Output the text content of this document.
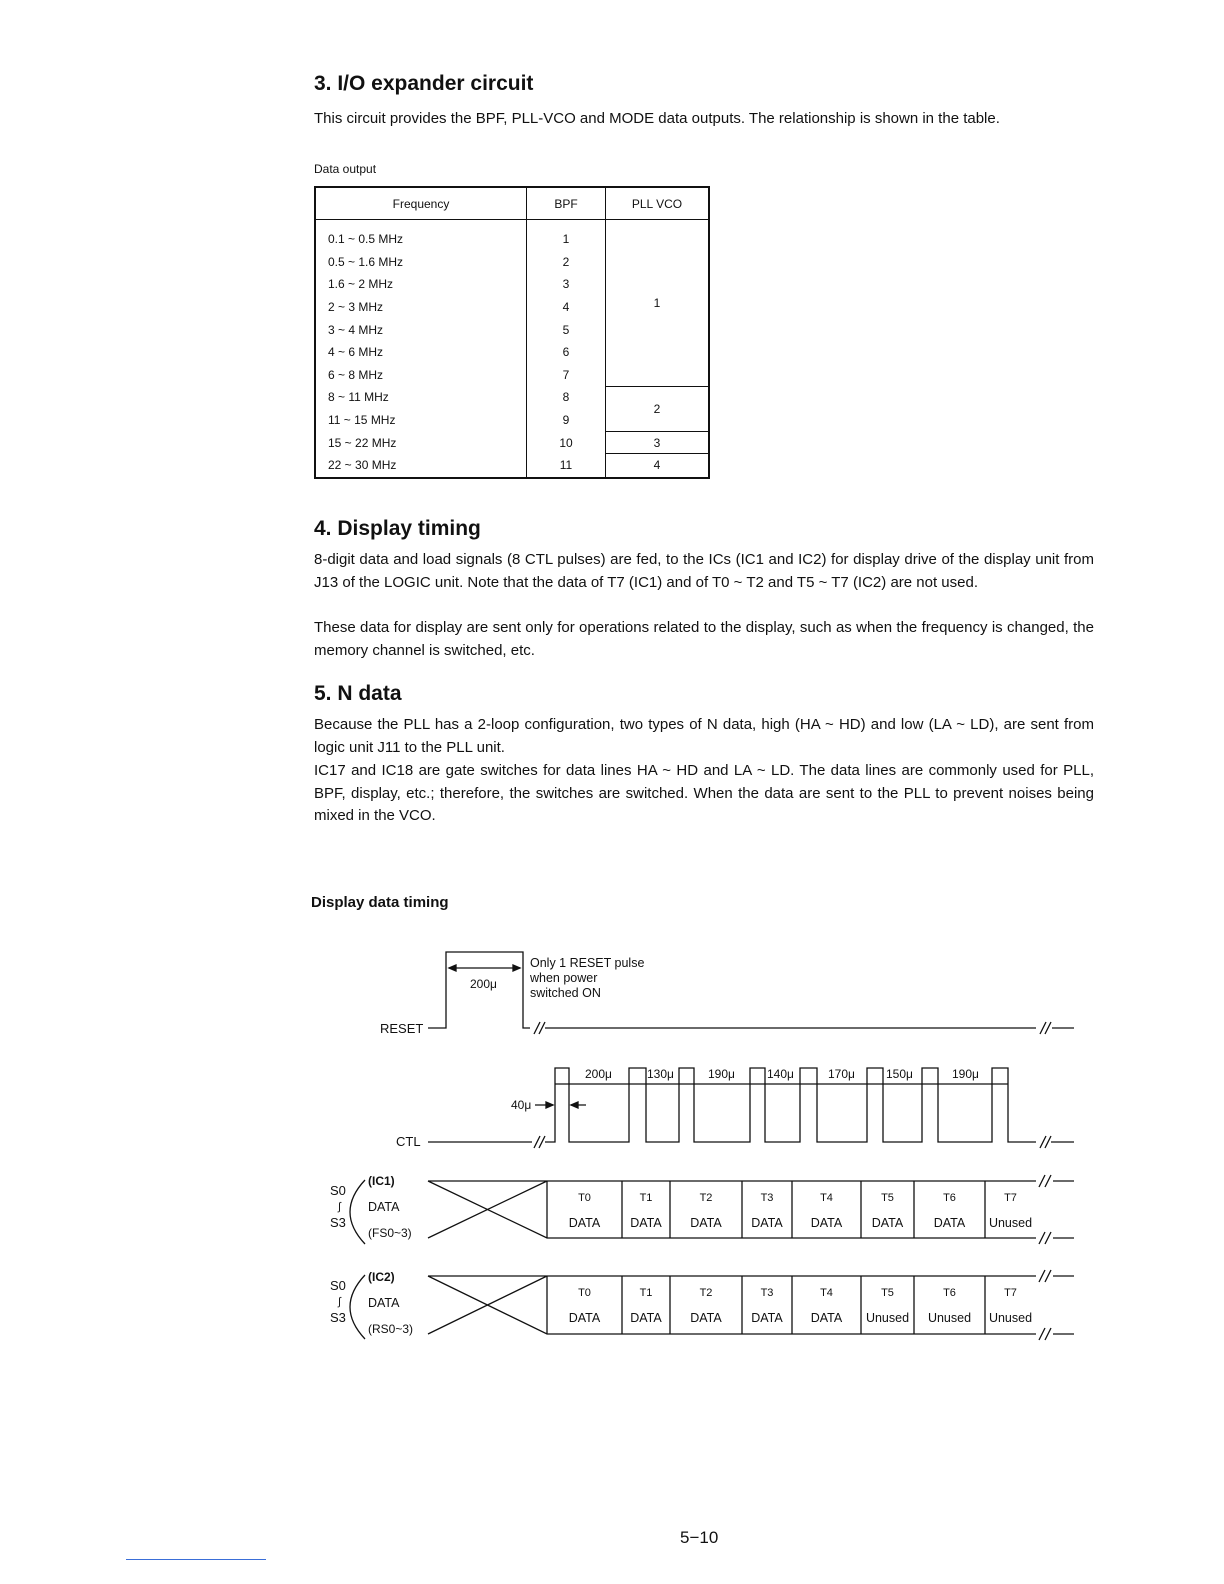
3. I/O expander circuit

This circuit provides the BPF, PLL-VCO and MODE data outputs. The relationship is shown in the table.

Data output
Frequency	BPF	PLL VCO
0.1 ~ 0.5 MHz	1	1
0.5 ~ 1.6 MHz	2	
1.6 ~ 2 MHz	3	
2 ~ 3 MHz	4	
3 ~ 4 MHz	5	
4 ~ 6 MHz	6	
6 ~ 8 MHz	7	
8 ~ 11 MHz	8	2
11 ~ 15 MHz	9	
15 ~ 22 MHz	10	3
22 ~ 30 MHz	11	4
4. Display timing

8-digit data and load signals (8 CTL pulses) are fed, to the ICs (IC1 and IC2) for display drive of the display unit from J13 of the LOGIC unit. Note that the data of T7 (IC1) and of T0 ~ T2 and T5 ~ T7 (IC2) are not used.

These data for display are sent only for operations related to the display, such as when the frequency is changed, the memory channel is switched, etc.

5. N data

Because the PLL has a 2-loop configuration, two types of N data, high (HA ~ HD) and low (LA ~ LD), are sent from logic unit J11 to the PLL unit.

IC17 and IC18 are gate switches for data lines HA ~ HD and LA ~ LD. The data lines are commonly used for PLL, BPF, display, etc.; therefore, the switches are switched. When the data are sent to the PLL to prevent noises being mixed in the VCO.

Display data timing
RESET
200μ
Only 1 RESET pulse
when power
switched ON
CTL
40μ
200μ	130μ	190μ	140μ	170μ	150μ	190μ
S0
∫
S3
(IC1)
DATA
(FS0~3)
S0
∫
S3
(IC2)
DATA
(RS0~3)
T0
DATA
T1
DATA
T2
DATA
T3
DATA
T4
DATA
T5
DATA
T6
DATA
T7
Unused
T0
DATA
T1
DATA
T2
DATA
T3
DATA
T4
DATA
T5
Unused
T6
Unused
T7
Unused
5−10
